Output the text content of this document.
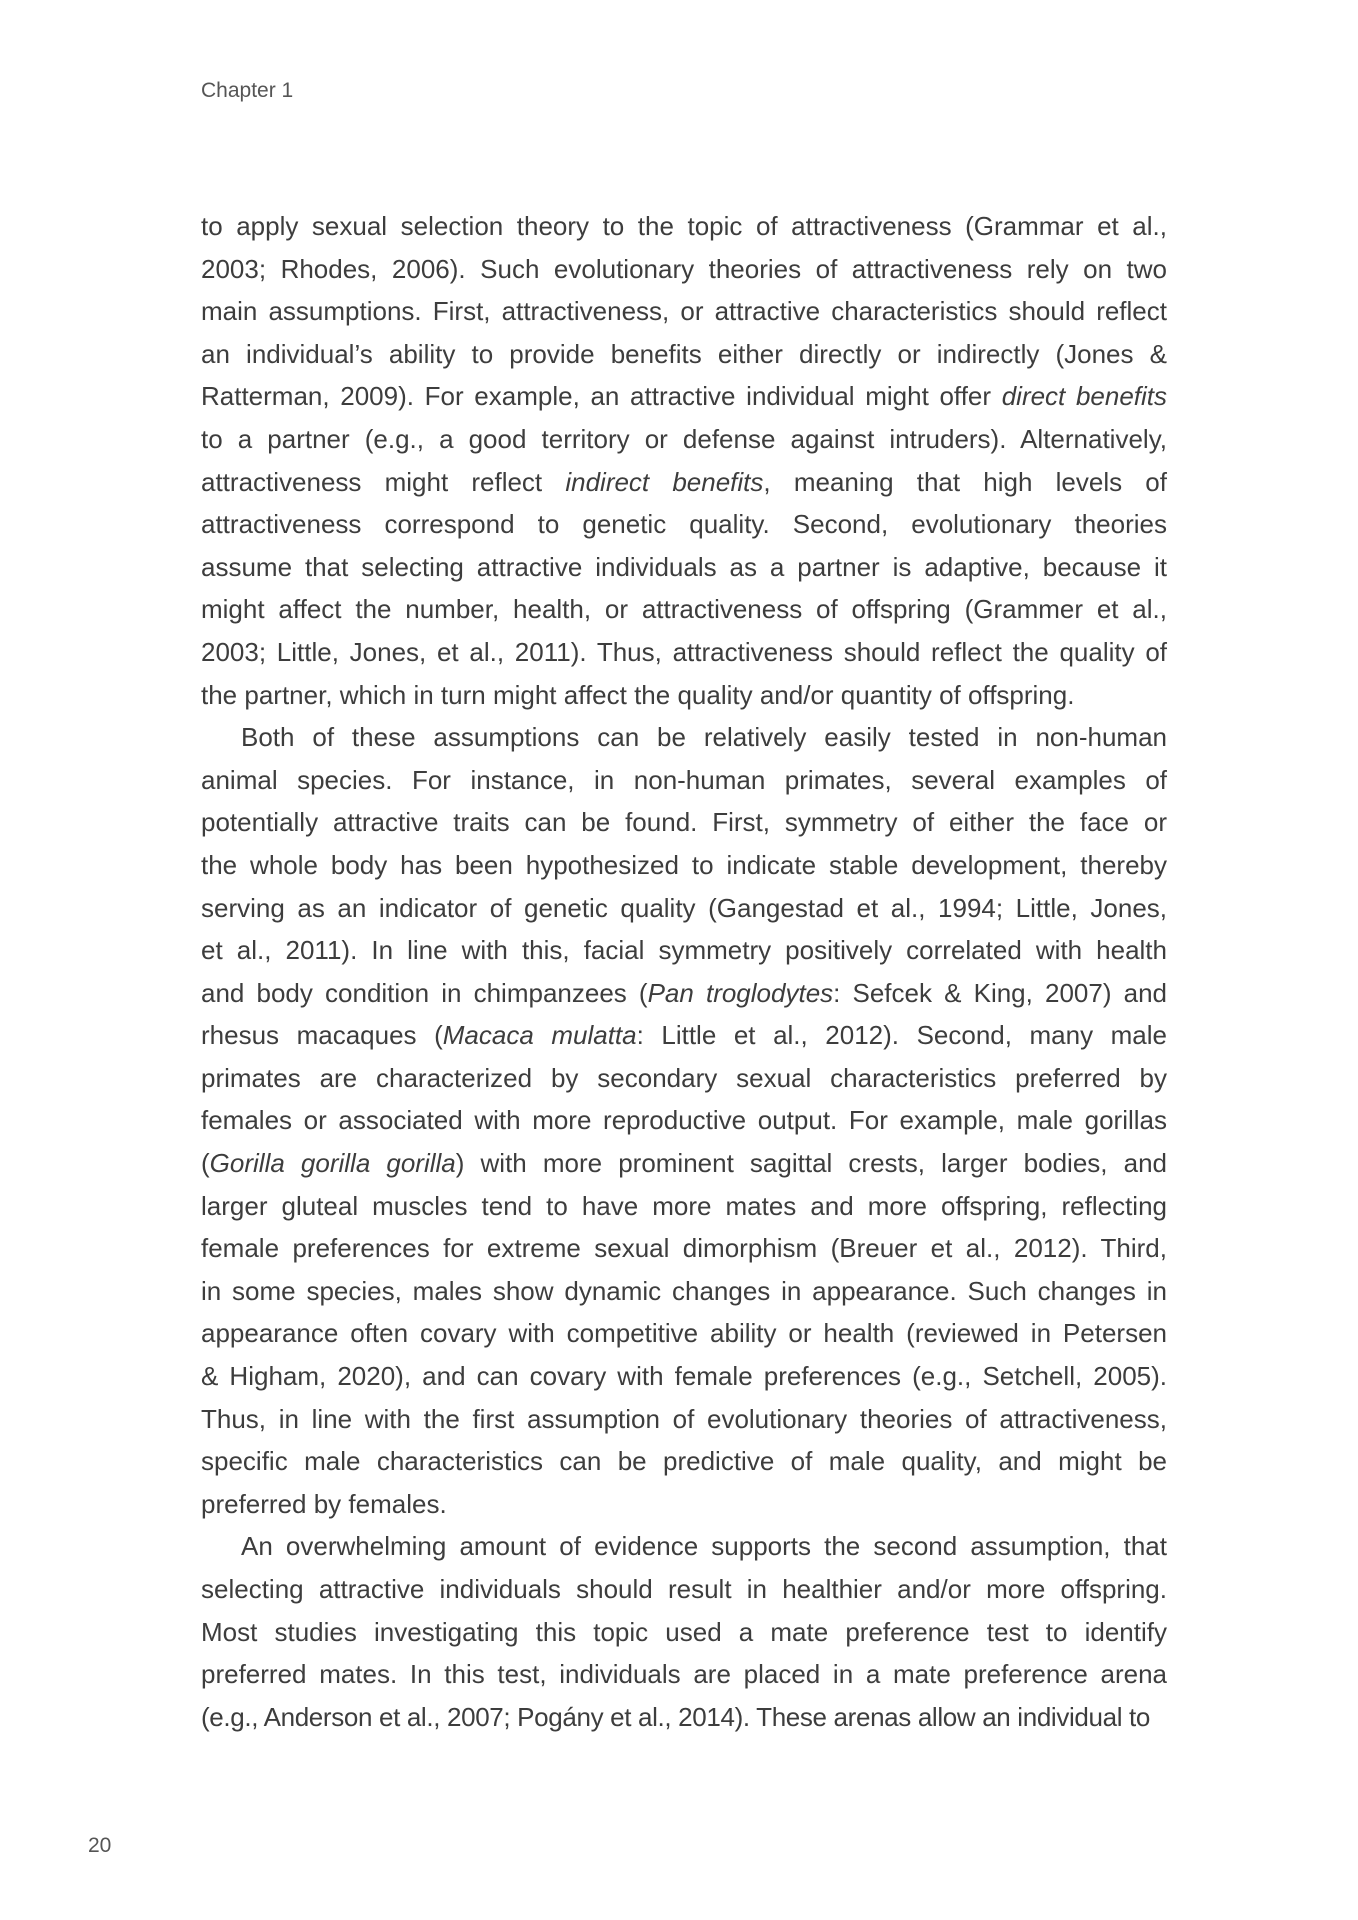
Chapter 1
to apply sexual selection theory to the topic of attractiveness (Grammar et al.,
2003; Rhodes, 2006). Such evolutionary theories of attractiveness rely on two
main assumptions. First, attractiveness, or attractive characteristics should reflect
an individual’s ability to provide benefits either directly or indirectly (Jones &
Ratterman, 2009). For example, an attractive individual might offer direct benefits
to a partner (e.g., a good territory or defense against intruders). Alternatively,
attractiveness might reflect indirect benefits, meaning that high levels of
attractiveness correspond to genetic quality. Second, evolutionary theories
assume that selecting attractive individuals as a partner is adaptive, because it
might affect the number, health, or attractiveness of offspring (Grammer et al.,
2003; Little, Jones, et al., 2011). Thus, attractiveness should reflect the quality of
the partner, which in turn might affect the quality and/or quantity of offspring.
Both of these assumptions can be relatively easily tested in non-human
animal species. For instance, in non-human primates, several examples of
potentially attractive traits can be found. First, symmetry of either the face or
the whole body has been hypothesized to indicate stable development, thereby
serving as an indicator of genetic quality (Gangestad et al., 1994; Little, Jones,
et al., 2011). In line with this, facial symmetry positively correlated with health
and body condition in chimpanzees (Pan troglodytes: Sefcek & King, 2007) and
rhesus macaques (Macaca mulatta: Little et al., 2012). Second, many male
primates are characterized by secondary sexual characteristics preferred by
females or associated with more reproductive output. For example, male gorillas
(Gorilla gorilla gorilla) with more prominent sagittal crests, larger bodies, and
larger gluteal muscles tend to have more mates and more offspring, reflecting
female preferences for extreme sexual dimorphism (Breuer et al., 2012). Third,
in some species, males show dynamic changes in appearance. Such changes in
appearance often covary with competitive ability or health (reviewed in Petersen
& Higham, 2020), and can covary with female preferences (e.g., Setchell, 2005).
Thus, in line with the first assumption of evolutionary theories of attractiveness,
specific male characteristics can be predictive of male quality, and might be
preferred by females.
An overwhelming amount of evidence supports the second assumption, that
selecting attractive individuals should result in healthier and/or more offspring.
Most studies investigating this topic used a mate preference test to identify
preferred mates. In this test, individuals are placed in a mate preference arena
(e.g., Anderson et al., 2007; Pogány et al., 2014). These arenas allow an individual to
20
